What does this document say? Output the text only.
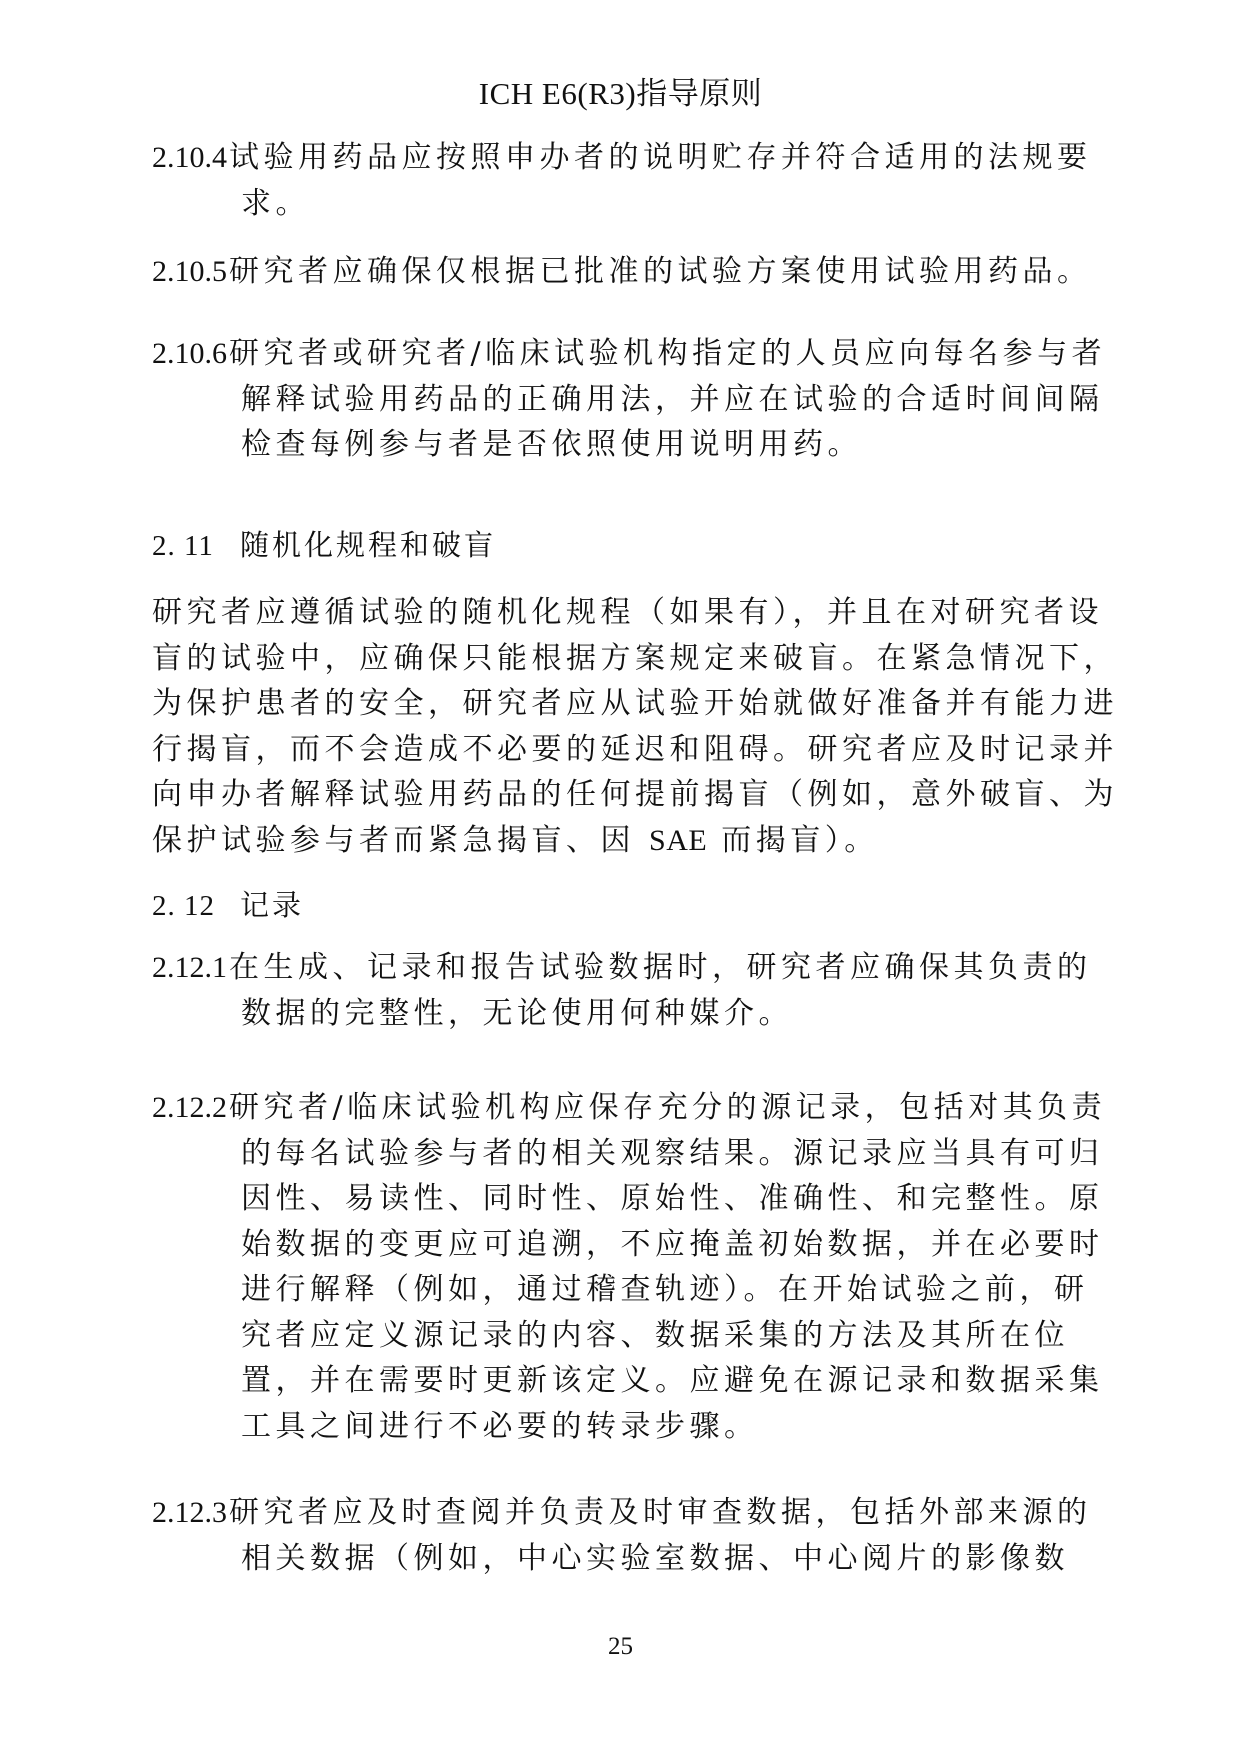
ICH E6(R3)指导原则
2.10.4试验用药品应按照申办者的说明贮存并符合适用的法规要
求。
2.10.5研究者应确保仅根据已批准的试验方案使用试验用药品。
2.10.6研究者或研究者/临床试验机构指定的人员应向每名参与者
解释试验用药品的正确用法，并应在试验的合适时间间隔
检查每例参与者是否依照使用说明用药。
2. 11 随机化规程和破盲
研究者应遵循试验的随机化规程（如果有），并且在对研究者设
盲的试验中，应确保只能根据方案规定来破盲。在紧急情况下，
为保护患者的安全，研究者应从试验开始就做好准备并有能力进
行揭盲，而不会造成不必要的延迟和阻碍。研究者应及时记录并
向申办者解释试验用药品的任何提前揭盲（例如，意外破盲、为
保护试验参与者而紧急揭盲、因 SAE 而揭盲）。
2. 12 记录
2.12.1在生成、记录和报告试验数据时，研究者应确保其负责的
数据的完整性，无论使用何种媒介。
2.12.2研究者/临床试验机构应保存充分的源记录，包括对其负责
的每名试验参与者的相关观察结果。源记录应当具有可归
因性、易读性、同时性、原始性、准确性、和完整性。原
始数据的变更应可追溯，不应掩盖初始数据，并在必要时
进行解释（例如，通过稽查轨迹）。在开始试验之前，研
究者应定义源记录的内容、数据采集的方法及其所在位
置，并在需要时更新该定义。应避免在源记录和数据采集
工具之间进行不必要的转录步骤。
2.12.3研究者应及时查阅并负责及时审查数据，包括外部来源的
相关数据（例如，中心实验室数据、中心阅片的影像数
25
